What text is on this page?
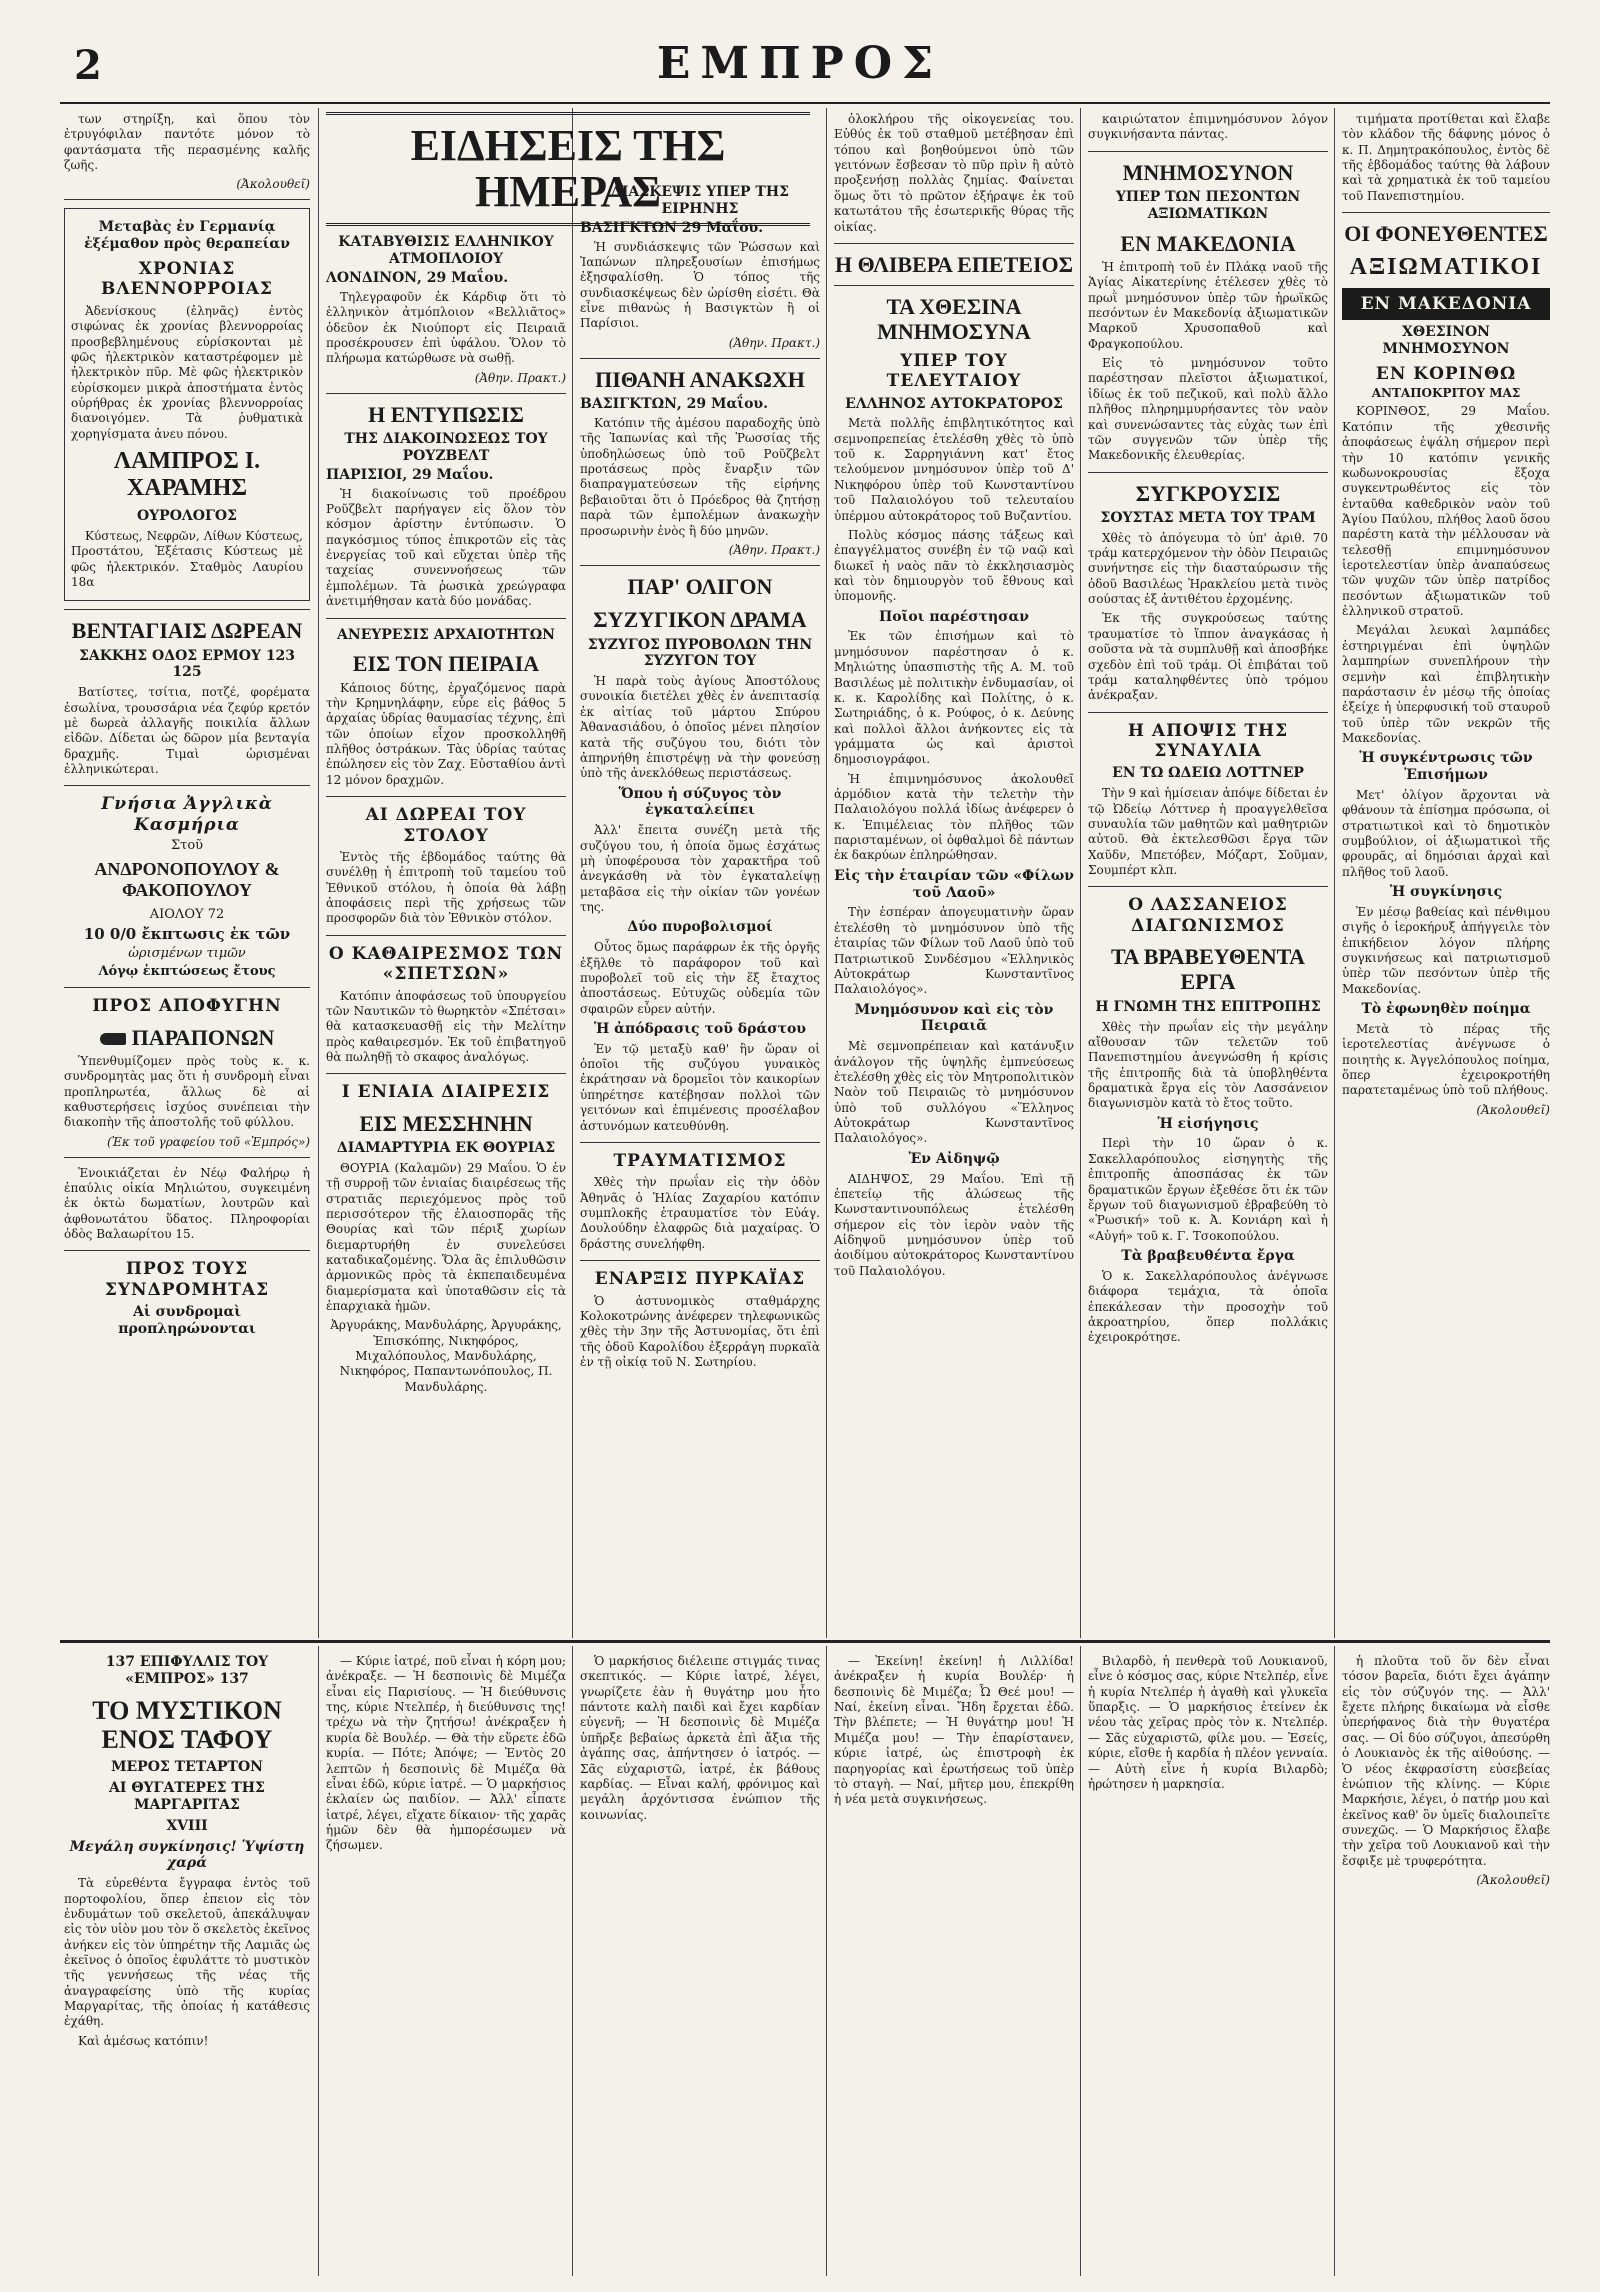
2	ΕΜΠΡΟΣ
των στηρίξη, καὶ ὅπου τὸν ἐτρυγόφιλαν παντότε μόνον τὸ φαντάσματα τῆς περασμένης καλῆς ζωῆς.
(Ἀκολουθεῖ)
Μεταβὰς ἐν Γερμανίᾳ ἐξέμαθον πρὸς θεραπείαν
ΧΡΟΝΙΑΣ ΒΛΕΝΝΟΡΡΟΙΑΣ
Ἀδενίσκους (ἐληνᾶς) ἐντὸς σιφώνας ἐκ χρονίας βλεννορροίας προσβεβλημένους εὑρίσκονται μὲ φῶς ἠλεκτρικὸν καταστρέφομεν μὲ ἠλεκτρικὸν πῦρ. Μὲ φῶς ἠλεκτρικὸν εὑρίσκομεν μικρὰ ἀποστήματα ἐντὸς οὐρήθρας ἐκ χρονίας βλεννορροίας διανοιγόμεν. Τὰ ῥυθματικὰ χορηγίσματα ἀνευ πόνου.
ΛΑΜΠΡΟΣ Ι. ΧΑΡΑΜΗΣ
ΟΥΡΟΛΟΓΟΣ
Κύστεως, Νεφρῶν, Λίθων Κύστεως, Προστάτου, Ἐξέτασις Κύστεως μὲ φῶς ἠλεκτρικόν. Σταθμὸς Λαυρίου 18α
ΒΕΝΤΑΓΙΑΙΣ ΔΩΡΕΑΝ
ΣΑΚΚΗΣ ΟΔΟΣ ΕΡΜΟΥ 123 125
Βατίστες, τσίτια, ποτζέ, φορέματα ἐσωλίνα, τρουσσάρια νέα ζεφύρ κρετόν μὲ δωρεὰ ἀλλαγῆς ποικιλία ἄλλων εἰδῶν. Δίδεται ὡς δῶρον μία βενταγία δραχμῆς. Τιμαὶ ὡρισμέναι ἐλληνικώτεραι.
Γνήσια Ἀγγλικὰ Κασμήρια
Στοῦ
ΑΝΔΡΟΝΟΠΟΥΛΟΥ & ΦΑΚΟΠΟΥΛΟΥ
ΑΙΟΛΟΥ 72
10 0/0 ἔκπτωσις ἐκ τῶν
ὡρισμένων τιμῶν
Λόγῳ ἐκπτώσεως ἔτους
ΠΡΟΣ ΑΠΟΦΥΓΗΝ
ΠΑΡΑΠΟΝΩΝ
Ὑπενθυμίζομεν πρὸς τοὺς κ. κ. συνδρομητὰς μας ὅτι ἡ συνδρομὴ εἶναι προπληρωτέα, ἄλλως δὲ αἱ καθυστερήσεις ἰσχύος συνέπειαι τὴν διακοπὴν τῆς ἀποστολῆς τοῦ φύλλου.
(Ἐκ τοῦ γραφείου τοῦ «Ἐμπρός»)
Ἐνοικιάζεται ἐν Νέῳ Φαλήρῳ ἡ ἐπαύλις οἰκία Μηλιώτου, συγκειμένη ἐκ ὀκτὼ δωματίων, λουτρῶν καὶ ἀφθονωτάτου ὕδατος. Πληροφορίαι ὁδὸς Βαλαωρίτου 15.
ΠΡΟΣ ΤΟΥΣ ΣΥΝΔΡΟΜΗΤΑΣ
Αἱ συνδρομαὶ προπληρώνονται
ΕΙΔΗΣΕΙΣ ΤΗΣ ΗΜΕΡΑΣ
ΚΑΤΑΒΥΘΙΣΙΣ ΕΛΛΗΝΙΚΟΥ ΑΤΜΟΠΛΟΙΟΥ
ΛΟΝΔΙΝΟΝ, 29 Μαΐου.
Τηλεγραφοῦν ἐκ Κάρδιφ ὅτι τὸ ἑλληνικὸν ἀτμόπλοιον «Βελλιᾶτος» ὁδεῦον ἐκ Νιούπορτ εἰς Πειραιᾶ προσέκρουσεν ἐπὶ ὑφάλου. Ὅλον τὸ πλήρωμα κατώρθωσε νὰ σωθῇ.
(Ἀθην. Πρακτ.)
Η ΕΝΤΥΠΩΣΙΣ
ΤΗΣ ΔΙΑΚΟΙΝΩΣΕΩΣ ΤΟΥ ΡΟΥΖΒΕΛΤ
ΠΑΡΙΣΙΟΙ, 29 Μαΐου.
Ἡ διακοίνωσις τοῦ προέδρου Ροῦζβελτ παρήγαγεν εἰς ὅλον τὸν κόσμον ἀρίστην ἐντύπωσιν. Ὁ παγκόσμιος τύπος ἐπικροτῶν εἰς τὰς ἐνεργείας τοῦ καὶ εὔχεται ὑπὲρ τῆς ταχείας συνεννοήσεως τῶν ἐμπολέμων. Τὰ ῥωσικὰ χρεώγραφα ἀνετιμήθησαν κατὰ δύο μονάδας.
ΑΝΕΥΡΕΣΙΣ ΑΡΧΑΙΟΤΗΤΩΝ
ΕΙΣ ΤΟΝ ΠΕΙΡΑΙΑ
Κάποιος δύτης, ἐργαζόμενος παρὰ τὴν Κρημνηλάφην, εὗρε εἰς βάθος 5 ἀρχαίας ὑδρίας θαυμασίας τέχνης, ἐπὶ τῶν ὁποίων εἶχον προσκολληθῆ πλῆθος ὀστράκων. Τὰς ὑδρίας ταύτας ἐπώλησεν εἰς τὸν Ζαχ. Εὐσταθίου ἀντὶ 12 μόνον δραχμῶν.
ΑΙ ΔΩΡΕΑΙ ΤΟΥ ΣΤΟΛΟΥ
Ἐντὸς τῆς ἑβδομάδος ταύτης θὰ συνέλθῃ ἡ ἐπιτροπὴ τοῦ ταμείου τοῦ Ἐθνικοῦ στόλου, ἡ ὁποία θὰ λάβῃ ἀποφάσεις περὶ τῆς χρήσεως τῶν προσφορῶν διὰ τὸν Ἐθνικὸν στόλον.
Ο ΚΑΘΑΙΡΕΣΜΟΣ ΤΩΝ «ΣΠΕΤΣΩΝ»
Κατόπιν ἀποφάσεως τοῦ ὑπουργείου τῶν Ναυτικῶν τὸ θωρηκτὸν «Σπέτσαι» θὰ κατασκευασθῇ εἰς τὴν Μελίτην πρὸς καθαιρεσμόν. Ἐκ τοῦ ἐπιβατηγοῦ θὰ πωληθῇ τὸ σκαφος ἀναλόγως.
Ι ΕΝΙΑΙΑ ΔΙΑΙΡΕΣΙΣ
ΕΙΣ ΜΕΣΣΗΝΗΝ
ΔΙΑΜΑΡΤΥΡΙΑ ΕΚ ΘΟΥΡΙΑΣ
ΘΟΥΡΙΑ (Καλαμῶν) 29 Μαΐου. Ὁ ἐν τῇ συρροῇ τῶν ἑνιαίας διαιρέσεως τῆς στρατιᾶς περιεχόμενος πρὸς τοῦ περισσότερον τῆς ἐλαιοσπορᾶς τῆς Θουρίας καὶ τῶν πέριξ χωρίων διεμαρτυρήθη ἐν συνελεύσει καταδικαζομένης. Ὅλα ἂς ἐπιλυθῶσιν ἁρμονικῶς πρὸς τὰ ἐκπεπαιδευμένα διαμερίσματα καὶ ὑποταθῶσιν εἰς τὰ ἐπαρχιακὰ ἡμῶν.
Ἀργυράκης, Μανδυλάρης, Ἀργυράκης, Ἐπισκόπης, Νικηφόρος, Μιχαλόπουλος, Μανδυλάρης, Νικηφόρος, Παπαντωνόπουλος, Π. Μανδυλάρης.
ΔΙΑΣΚΕΨΙΣ ΥΠΕΡ ΤΗΣ ΕΙΡΗΝΗΣ
ΒΑΣΙΓΚΤΩΝ 29 Μαΐου.
Ἡ συνδιάσκεψις τῶν Ῥώσσων καὶ Ἰαπώνων πληρεξουσίων ἐπισήμως ἐξησφαλίσθη. Ὁ τόπος τῆς συνδιασκέψεως δὲν ὡρίσθη εἰσέτι. Θὰ εἶνε πιθανὼς ἡ Βασιγκτὼν ἢ οἱ Παρίσιοι.
(Ἀθην. Πρακτ.)
ΠΙΘΑΝΗ ΑΝΑΚΩΧΗ
ΒΑΣΙΓΚΤΩΝ, 29 Μαΐου.
Κατόπιν τῆς ἀμέσου παραδοχῆς ὑπὸ τῆς Ἰαπωνίας καὶ τῆς Ῥωσσίας τῆς ὑποδηλώσεως ὑπὸ τοῦ Ροῦζβελτ προτάσεως πρὸς ἔναρξιν τῶν διαπραγματεύσεων τῆς εἰρήνης βεβαιοῦται ὅτι ὁ Πρόεδρος θὰ ζητήσῃ παρὰ τῶν ἐμπολέμων ἀνακωχὴν προσωρινὴν ἑνὸς ἢ δύο μηνῶν.
(Ἀθην. Πρακτ.)
ΠΑΡ' ΟΛΙΓΟΝ
ΣΥΖΥΓΙΚΟΝ ΔΡΑΜΑ
ΣΥΖΥΓΟΣ ΠΥΡΟΒΟΛΩΝ ΤΗΝ ΣΥΖΥΓΟΝ ΤΟΥ
Ἡ παρὰ τοὺς ἁγίους Ἀποστόλους συνοικία διετέλει χθὲς ἐν ἀνεπιτασίᾳ ἐκ αἰτίας τοῦ μάρτου Σπύρου Ἀθανασιάδου, ὁ ὁποῖος μένει πλησίον κατὰ τῆς συζύγου του, διότι τὸν ἀπηρνήθη ἐπιστρέψῃ νὰ τὴν φονεύσῃ ὑπὸ τῆς ἀνεκλόθεως περιστάσεως.
Ὅπου ἡ σύζυγος τὸν ἐγκαταλείπει
Ἀλλ' ἔπειτα συνέζη μετὰ τῆς συζύγου του, ἡ ὁποία ὅμως ἐσχάτως μὴ ὑποφέρουσα τὸν χαρακτῆρα τοῦ ἀνεγκάσθη νὰ τὸν ἐγκαταλείψῃ μεταβᾶσα εἰς τὴν οἰκίαν τῶν γονέων της.
Δύο πυροβολισμοί
Οὗτος ὅμως παράφρων ἐκ τῆς ὀργῆς ἐξῆλθε τὸ παράφορον τοῦ καὶ πυροβολεῖ τοῦ εἰς τὴν ἕξ ἔταχτος ἀποστάσεως. Εὐτυχῶς οὐδεμία τῶν σφαιρῶν εὗρεν αὐτήν.
Ἡ ἀπόδρασις τοῦ δράστου
Ἐν τῷ μεταξὺ καθ' ἣν ὥραν οἱ ὁποῖοι τῆς συζύγου γυναικὸς ἐκράτησαν νὰ δρομεῖοι τὸν καικορίων ὑπηρέτησε κατέβησαν πολλοὶ τῶν γειτόνων καὶ ἐπιμένεσις προσέλαβον ἀστυνόμων κατευθύνθη.
ΤΡΑΥΜΑΤΙΣΜΟΣ
Χθὲς τὴν πρωΐαν εἰς τὴν ὁδὸν Ἀθηνᾶς ὁ Ἡλίας Ζαχαρίου κατόπιν συμπλοκῆς ἐτραυματίσε τὸν Εὐάγ. Δουλούδην ἐλαφρῶς διὰ μαχαίρας. Ὁ δράστης συνελήφθη.
ΕΝΑΡΞΙΣ ΠΥΡΚΑΪΑΣ
Ὁ ἀστυνομικὸς σταθμάρχης Κολοκοτρώνης ἀνέφερεν τηλεφωνικῶς χθὲς τὴν 3ην τῆς Ἀστυνομίας, ὅτι ἐπὶ τῆς ὁδοῦ Καρολίδου ἐξερράγη πυρκαϊὰ ἐν τῇ οἰκίᾳ τοῦ Ν. Σωτηρίου.
ὁλοκλήρου τῆς οἰκογενείας του. Εὐθύς ἐκ τοῦ σταθμοῦ μετέβησαν ἐπὶ τόπου καὶ βοηθούμενοι ὑπὸ τῶν γειτόνων ἔσβεσαν τὸ πῦρ πρὶν ἢ αὐτὸ προξενήσῃ πολλὰς ζημίας. Φαίνεται ὅμως ὅτι τὸ πρῶτον ἐξήραψε ἐκ τοῦ κατωτάτου τῆς ἐσωτερικῆς θύρας τῆς οἰκίας.
Η ΘΛΙΒΕΡΑ ΕΠΕΤΕΙΟΣ
ΤΑ ΧΘΕΣΙΝΑ ΜΝΗΜΟΣΥΝΑ
ΥΠΕΡ ΤΟΥ ΤΕΛΕΥΤΑΙΟΥ
ΕΛΛΗΝΟΣ ΑΥΤΟΚΡΑΤΟΡΟΣ
Μετὰ πολλῆς ἐπιβλητικότητος καὶ σεμνοπρεπείας ἐτελέσθη χθὲς τὸ ὑπὸ τοῦ κ. Σαρρηγιάννη κατ' ἔτος τελούμενον μνημόσυνον ὑπὲρ τοῦ Δ' Νικηφόρου ὑπὲρ τοῦ Κωνσταντίνου τοῦ Παλαιολόγου τοῦ τελευταίου ὑπέρμου αὐτοκράτορος τοῦ Βυζαντίου.
Πολὺς κόσμος πάσης τάξεως καὶ ἐπαγγέλματος συνέβη ἐν τῷ ναῷ καὶ διωκεῖ ἡ ναὸς πᾶν τὸ ἐκκλησιασμὸς καὶ τὸν δημιουργὸν τοῦ ἔθνους καὶ ὑπομονῆς.
Ποῖοι παρέστησαν
Ἐκ τῶν ἐπισήμων καὶ τὸ μνημόσυνον παρέστησαν ὁ κ. Μηλιώτης ὑπασπιστὴς τῆς Α. Μ. τοῦ Βασιλέως μὲ πολιτικὴν ἐνδυμασίαν, οἱ κ. κ. Καρολίδης καὶ Πολίτης, ὁ κ. Σωτηριάδης, ὁ κ. Ρούφος, ὁ κ. Δεύνης καὶ πολλοὶ ἄλλοι ἀνήκοντες εἰς τὰ γράμματα ὡς καὶ ἀριστοὶ δημοσιογράφοι.
Ἡ ἐπιμνημόσυνος ἀκολουθεῖ ἀρμόδιον κατὰ τὴν τελετὴν τὴν Παλαιολόγου πολλά ἰδίως ἀνέφερεν ὁ κ. Ἐπιμέλειας τὸν πλῆθος τῶν παρισταμένων, οἱ ὀφθαλμοὶ δὲ πάντων ἐκ δακρύων ἐπληρώθησαν.
Εἰς τὴν ἑταιρίαν τῶν «Φίλων τοῦ Λαοῦ»
Τὴν ἑσπέραν ἀπογευματινὴν ὥραν ἐτελέσθη τὸ μνημόσυνον ὑπὸ τῆς ἑταιρίας τῶν Φίλων τοῦ Λαοῦ ὑπὸ τοῦ Πατριωτικοῦ Συνδέσμου «Ἑλληνικὸς Αὐτοκράτωρ Κωνσταντῖνος Παλαιολόγος».
Μνημόσυνον καὶ εἰς τὸν Πειραιᾶ
Μὲ σεμνοπρέπειαν καὶ κατάνυξιν ἀνάλογον τῆς ὑψηλῆς ἐμπνεύσεως ἐτελέσθη χθὲς εἰς τὸν Μητροπολιτικὸν Ναὸν τοῦ Πειραιῶς τὸ μνημόσυνον ὑπὸ τοῦ συλλόγου «Ἕλληνος Αὐτοκράτωρ Κωνσταντῖνος Παλαιολόγος».
Ἐν Αἰδηψῷ
ΑΙΔΗΨΟΣ, 29 Μαΐου. Ἐπὶ τῇ ἐπετείῳ τῆς ἁλώσεως τῆς Κωνσταντινουπόλεως ἐτελέσθη σήμερον εἰς τὸν ἱερὸν ναὸν τῆς Αἰδηψοῦ μνημόσυνον ὑπὲρ τοῦ ἀοιδίμου αὐτοκράτορος Κωνσταντίνου τοῦ Παλαιολόγου.
καιριώτατον ἐπιμνημόσυνον λόγον συγκινήσαντα πάντας.
ΜΝΗΜΟΣΥΝΟΝ
ΥΠΕΡ ΤΩΝ ΠΕΣΟΝΤΩΝ ΑΞΙΩΜΑΤΙΚΩΝ
ΕΝ ΜΑΚΕΔΟΝΙΑ
Ἡ ἐπιτροπὴ τοῦ ἐν Πλάκᾳ ναοῦ τῆς Ἁγίας Αἰκατερίνης ἐτέλεσεν χθὲς τὸ πρωῒ μνημόσυνον ὑπὲρ τῶν ἡρωϊκῶς πεσόντων ἐν Μακεδονίᾳ ἀξιωματικῶν Μαρκοῦ Χρυσοπαθοῦ καὶ Φραγκοπούλου.
Εἰς τὸ μνημόσυνον τοῦτο παρέστησαν πλεῖστοι ἀξιωματικοί, ἰδίως ἐκ τοῦ πεζικοῦ, καὶ πολὺ ἄλλο πλῆθος πληρημμυρήσαντες τὸν ναὸν καὶ συνενώσαντες τὰς εὐχὰς των ἐπὶ τῶν συγγενῶν τῶν ὑπὲρ τῆς Μακεδονικῆς ἐλευθερίας.
ΣΥΓΚΡΟΥΣΙΣ
ΣΟΥΣΤΑΣ ΜΕΤΑ ΤΟΥ ΤΡΑΜ
Χθὲς τὸ ἀπόγευμα τὸ ὑπ' ἀριθ. 70 τράμ κατερχόμενον τὴν ὁδὸν Πειραιῶς συνήντησε εἰς τὴν διασταύρωσιν τῆς ὁδοῦ Βασιλέως Ἡρακλείου μετὰ τινὸς σούστας ἐξ ἀντιθέτου ἐρχομένης.
Ἐκ τῆς συγκρούσεως ταύτης τραυματίσε τὸ ἵππον ἀναγκάσας ἡ σοῦστα νὰ τὰ συμπλυθῇ καὶ ἀποσβήκε σχεδὸν ἐπὶ τοῦ τράμ. Οἱ ἐπιβάται τοῦ τράμ καταληφθέντες ὑπὸ τρόμου ἀνέκραξαν.
Η ΑΠΟΨΙΣ ΤΗΣ ΣΥΝΑΥΛΙΑ
ΕΝ ΤΩ ΩΔΕΙΩ ΛΟΤΤΝΕΡ
Τὴν 9 καὶ ἡμίσειαν ἀπόψε δίδεται ἐν τῷ Ὠδείῳ Λόττνερ ἡ προαγγελθεῖσα συναυλία τῶν μαθητῶν καὶ μαθητριῶν αὐτοῦ. Θὰ ἐκτελεσθῶσι ἔργα τῶν Χαῦδν, Μπετόβεν, Μόζαρτ, Σοῦμαν, Σουμπέρτ κλπ.
Ο ΛΑΣΣΑΝΕΙΟΣ ΔΙΑΓΩΝΙΣΜΟΣ
ΤΑ ΒΡΑΒΕΥΘΕΝΤΑ ΕΡΓΑ
Η ΓΝΩΜΗ ΤΗΣ ΕΠΙΤΡΟΠΗΣ
Χθὲς τὴν πρωΐαν εἰς τὴν μεγάλην αἴθουσαν τῶν τελετῶν τοῦ Πανεπιστημίου ἀνεγνώσθη ἡ κρίσις τῆς ἐπιτροπῆς διὰ τὰ ὑποβληθέντα δραματικὰ ἔργα εἰς τὸν Λασσάνειον διαγωνισμὸν κατὰ τὸ ἔτος τοῦτο.
Ἡ εἰσήγησις
Περὶ τὴν 10 ὥραν ὁ κ. Σακελλαρόπουλος εἰσηγητὴς τῆς ἐπιτροπῆς ἀποσπάσας ἐκ τῶν δραματικῶν ἔργων ἐξεθέσε ὅτι ἐκ τῶν ἔργων τοῦ διαγωνισμοῦ ἐβραβεύθη τὸ «Ῥωσική» τοῦ κ. Ἀ. Κονιάρη καὶ ἡ «Αὐγή» τοῦ κ. Γ. Τσοκοπούλου.
Τὰ βραβευθέντα ἔργα
Ὁ κ. Σακελλαρόπουλος ἀνέγνωσε διάφορα τεμάχια, τὰ ὁποῖα ἐπεκάλεσαν τὴν προσοχὴν τοῦ ἀκροατηρίου, ὅπερ πολλάκις ἐχειροκρότησε.
τιμήματα προτίθεται καὶ ἔλαβε τὸν κλάδον τῆς δάφνης μόνος ὁ κ. Π. Δημητρακόπουλος, ἐντὸς δὲ τῆς ἑβδομάδος ταύτης θὰ λάβουν καὶ τὰ χρηματικὰ ἐκ τοῦ ταμείου τοῦ Πανεπιστημίου.
ΟΙ ΦΟΝΕΥΘΕΝΤΕΣ
ΑΞΙΩΜΑΤΙΚΟΙ
ΕΝ ΜΑΚΕΔΟΝΙΑ
ΧΘΕΣΙΝΟΝ ΜΝΗΜΟΣΥΝΟΝ
ΕΝ ΚΟΡΙΝΘΩ
ΑΝΤΑΠΟΚΡΙΤΟΥ ΜΑΣ
ΚΟΡΙΝΘΟΣ, 29 Μαΐου. Κατόπιν τῆς χθεσινῆς ἀποφάσεως ἐψάλη σήμερον περὶ τὴν 10 κατόπιν γενικῆς κωδωνοκρουσίας ἔξοχα συγκεντρωθέντος εἰς τὸν ἐνταῦθα καθεδρικὸν ναὸν τοῦ Ἁγίου Παύλου, πλήθος λαοῦ ὅσου παρέστη κατὰ τὴν μέλλουσαν νὰ τελεσθῇ επιμνημόσυνον ἱεροτελεστίαν ὑπὲρ ἀναπαύσεως τῶν ψυχῶν τῶν ὑπὲρ πατρίδος πεσόντων ἀξιωματικῶν τοῦ ἑλληνικοῦ στρατοῦ.
Μεγάλαι λευκαὶ λαμπάδες ἐστηριγμέναι ἐπὶ ὑψηλῶν λαμπηρίων συνεπλήρουν τὴν σεμνὴν καὶ ἐπιβλητικὴν παράστασιν ἐν μέσῳ τῆς ὁποίας ἐξείχε ἡ ὑπερφυσική τοῦ σταυροῦ τοῦ ὑπὲρ τῶν νεκρῶν τῆς Μακεδονίας.
Ἡ συγκέντρωσις τῶν Ἐπισήμων
Μετ' ὀλίγον ἄρχονται νὰ φθάνουν τὰ ἐπίσημα πρόσωπα, οἱ στρατιωτικοὶ καὶ τὸ δημοτικὸν συμβούλιον, οἱ ἀξιωματικοὶ τῆς φρουρᾶς, αἱ δημόσιαι ἀρχαὶ καὶ πλῆθος τοῦ λαοῦ.
Ἡ συγκίνησις
Ἐν μέσῳ βαθείας καὶ πένθιμου σιγῆς ὁ ἱεροκήρυξ ἀπήγγειλε τὸν ἐπικήδειον λόγον πλήρης συγκινήσεως καὶ πατριωτισμοῦ ὑπὲρ τῶν πεσόντων ὑπὲρ τῆς Μακεδονίας.
Τὸ ἐφωνηθὲν ποίημα
Μετὰ τὸ πέρας τῆς ἱεροτελεστίας ἀνέγνωσε ὁ ποιητὴς κ. Ἀγγελόπουλος ποίημα, ὅπερ ἐχειροκροτήθη παρατεταμένως ὑπὸ τοῦ πλήθους.
(Ἀκολουθεῖ)
137 ΕΠΙΦΥΛΛΙΣ ΤΟΥ «ΕΜΠΡΟΣ» 137
ΤΟ ΜΥΣΤΙΚΟΝ ΕΝΟΣ ΤΑΦΟΥ
ΜΕΡΟΣ ΤΕΤΑΡΤΟΝ
ΑΙ ΘΥΓΑΤΕΡΕΣ ΤΗΣ ΜΑΡΓΑΡΙΤΑΣ
XVIII
Μεγάλη συγκίνησις! Ὑψίστη χαρά
Τὰ εὑρεθέντα ἔγγραφα ἐντὸς τοῦ πορτοφολίου, ὅπερ ἐπειον εἰς τὸν ἐνδυμάτων τοῦ σκελετοῦ, ἀπεκάλυψαν εἰς τὸν υἱὸν μου τὸν ὅ σκελετὸς ἐκεῖνος ἀνήκεν εἰς τὸν ὑπηρέτην τῆς Λαμιᾶς ὡς ἐκεῖνος ὁ ὁποῖος ἐφυλάττε τὸ μυστικὸν τῆς γεννήσεως τῆς νέας τῆς ἀναγραφείσης ὑπὸ τῆς κυρίας Μαργαρίτας, τῆς ὁποίας ἡ κατάθεσις ἐχάθη.
Καὶ ἀμέσως κατόπιν!
— Κύριε ἰατρέ, ποῦ εἶναι ἡ κόρη μου; ἀνέκραξε. — Ἡ δεσποινὶς δὲ Μιμέζα εἶναι εἰς Παρισίους. — Ἡ διεύθυνσις της, κύριε Ντελπέρ, ἡ διεύθυνσις της! τρέχω νὰ τὴν ζητήσω! ἀνέκραξεν ἡ κυρία δὲ Βουλέρ. — Θὰ τὴν εὕρετε ἐδῶ κυρία. — Πότε; Ἀπόψε; — Ἐντὸς 20 λεπτῶν ἡ δεσποινὶς δὲ Μιμέζα θὰ εἶναι ἐδῶ, κύριε ἰατρέ. — Ὁ μαρκήσιος ἐκλαίεν ὡς παιδίον. — Ἀλλ' εἶπατε ἰατρέ, λέγει, εἴχατε δίκαιον· τῆς χαρᾶς ἡμῶν δὲν θὰ ἠμπορέσωμεν νὰ ζήσωμεν.
Ὁ μαρκήσιος διέλειπε στιγμάς τινας σκεπτικός. — Κύριε ἰατρέ, λέγει, γνωρίζετε ἐὰν ἡ θυγάτηρ μου ἦτο πάντοτε καλὴ παιδὶ καὶ ἔχει καρδίαν εὐγενῆ; — Ἡ δεσποινὶς δὲ Μιμέζα ὑπῆρξε βεβαίως ἀρκετὰ ἐπὶ ἄξια τῆς ἀγάπης σας, ἀπήντησεν ὁ ἰατρός. — Σᾶς εὐχαριστῶ, ἰατρέ, ἐκ βάθους καρδίας. — Εἶναι καλή, φρόνιμος καὶ μεγάλη ἀρχόντισσα ἐνώπιον τῆς κοινωνίας.
— Ἐκείνη! ἐκείνη! ἡ Λιλλίδα! ἀνέκραξεν ἡ κυρία Βουλέρ· ἡ δεσποινὶς δὲ Μιμέζα; Ὦ Θεέ μου! — Ναί, ἐκείνη εἶναι. Ἤδη ἔρχεται ἐδῶ. Τὴν βλέπετε; — Ἡ θυγάτηρ μου! Ἡ Μιμέζα μου! — Τὴν ἐπαρίστανεν, κύριε ἰατρέ, ὡς ἐπιστροφὴ ἐκ παρηγορίας καὶ ἐρωτήσεως τοῦ ὑπὲρ τὸ σταγὴ. — Ναί, μῆτερ μου, ἐπεκρίθη ἡ νέα μετὰ συγκινήσεως.
Βιλαρδὸ, ἡ πενθερὰ τοῦ Λουκιανοῦ, εἶνε ὁ κόσμος σας, κύριε Ντελπέρ, εἶνε ἡ κυρία Ντελπέρ ἡ ἀγαθὴ καὶ γλυκεῖα ὕπαρξις. — Ὁ μαρκήσιος ἐτείνεν ἐκ νέου τὰς χεῖρας πρὸς τὸν κ. Ντελπέρ. — Σᾶς εὐχαριστῶ, φίλε μου. — Ἐσείς, κύριε, εἴσθε ἡ καρδία ἡ πλέον γενναία. — Αὐτὴ εἶνε ἡ κυρία Βιλαρδὸ; ἠρώτησεν ἡ μαρκησία.
ἡ πλοῦτα τοῦ ὅν δὲν εἶναι τόσον βαρεῖα, διότι ἔχει ἀγάπην εἰς τὸν σύζυγόν της. — Ἀλλ' ἔχετε πλήρης δικαίωμα νὰ εἶσθε ὑπερήφανος διὰ τὴν θυγατέρα σας. — Οἱ δύο σύζυγοι, ἀπεσύρθη ὁ Λουκιανὸς ἐκ τῆς αἰθούσης. — Ὁ νέος ἐκφρασίστη εὐσεβείας ἐνώπιον τῆς κλίνης. — Κύριε Μαρκήσιε, λέγει, ὁ πατήρ μου καὶ ἐκεῖνος καθ' ὃν ὑμεῖς διαλοιπεῖτε συνεχῶς. — Ὁ Μαρκήσιος ἔλαβε τὴν χεῖρα τοῦ Λουκιανοῦ καὶ τὴν ἔσφιξε μὲ τρυφερότητα.
(Ἀκολουθεῖ)
